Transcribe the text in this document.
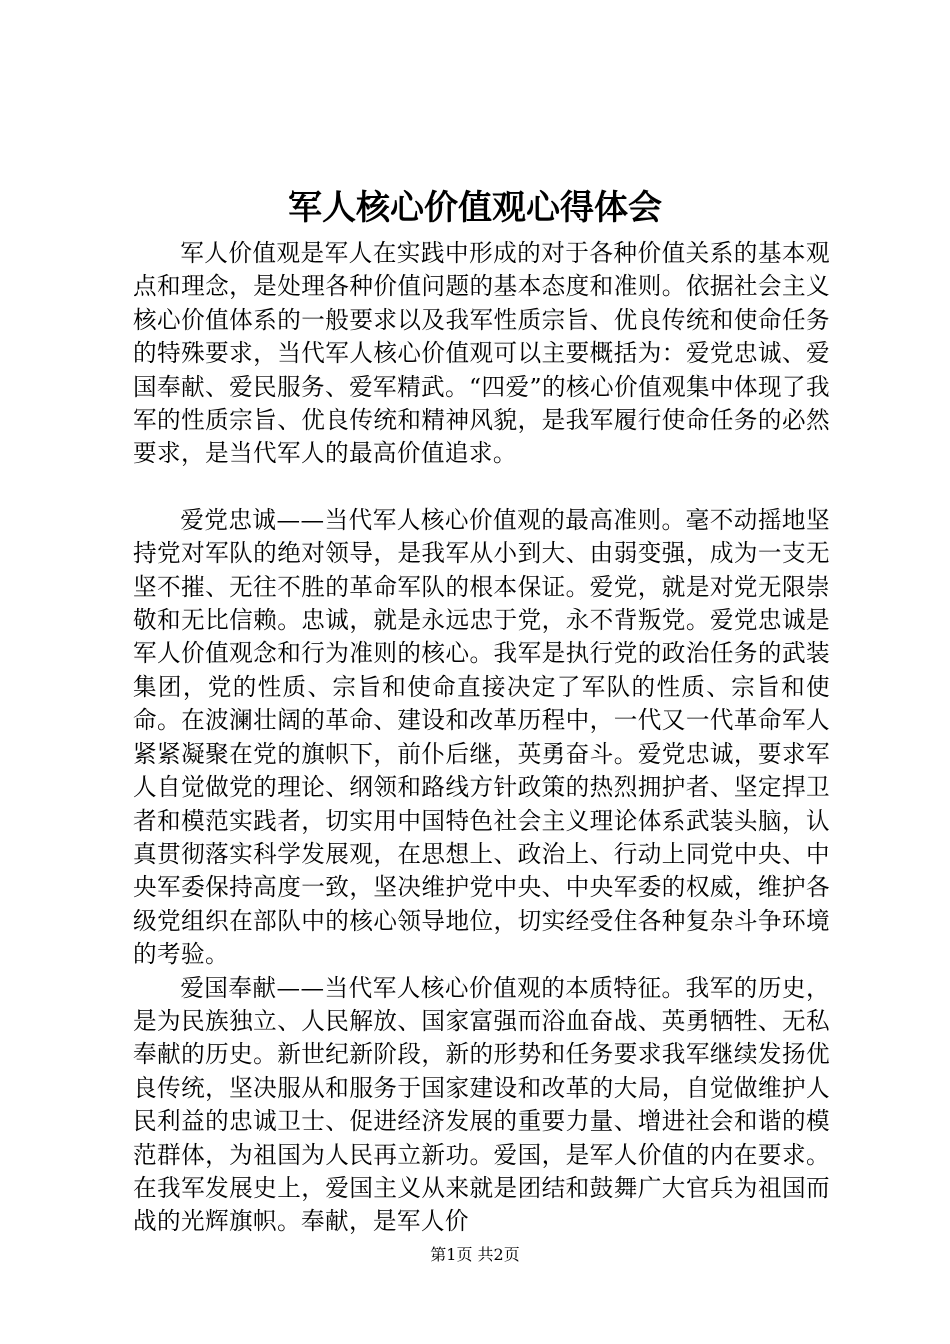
军人核心价值观心得体会

军人价值观是军人在实践中形成的对于各种价值关系的基本观点和理念，是处理各种价值问题的基本态度和准则。依据社会主义核心价值体系的一般要求以及我军性质宗旨、优良传统和使命任务的特殊要求，当代军人核心价值观可以主要概括为：爱党忠诚、爱国奉献、爱民服务、爱军精武。“四爱”的核心价值观集中体现了我军的性质宗旨、优良传统和精神风貌，是我军履行使命任务的必然要求，是当代军人的最高价值追求。

爱党忠诚——当代军人核心价值观的最高准则。毫不动摇地坚持党对军队的绝对领导，是我军从小到大、由弱变强，成为一支无坚不摧、无往不胜的革命军队的根本保证。爱党，就是对党无限崇敬和无比信赖。忠诚，就是永远忠于党，永不背叛党。爱党忠诚是军人价值观念和行为准则的核心。我军是执行党的政治任务的武装集团，党的性质、宗旨和使命直接决定了军队的性质、宗旨和使命。在波澜壮阔的革命、建设和改革历程中，一代又一代革命军人紧紧凝聚在党的旗帜下，前仆后继，英勇奋斗。爱党忠诚，要求军人自觉做党的理论、纲领和路线方针政策的热烈拥护者、坚定捍卫者和模范实践者，切实用中国特色社会主义理论体系武装头脑，认真贯彻落实科学发展观，在思想上、政治上、行动上同党中央、中央军委保持高度一致，坚决维护党中央、中央军委的权威，维护各级党组织在部队中的核心领导地位，切实经受住各种复杂斗争环境的考验。

爱国奉献——当代军人核心价值观的本质特征。我军的历史，是为民族独立、人民解放、国家富强而浴血奋战、英勇牺牲、无私奉献的历史。新世纪新阶段，新的形势和任务要求我军继续发扬优良传统，坚决服从和服务于国家建设和改革的大局，自觉做维护人民利益的忠诚卫士、促进经济发展的重要力量、增进社会和谐的模范群体，为祖国为人民再立新功。爱国，是军人价值的内在要求。在我军发展史上，爱国主义从来就是团结和鼓舞广大官兵为祖国而战的光辉旗帜。奉献，是军人价

第1页 共2页
